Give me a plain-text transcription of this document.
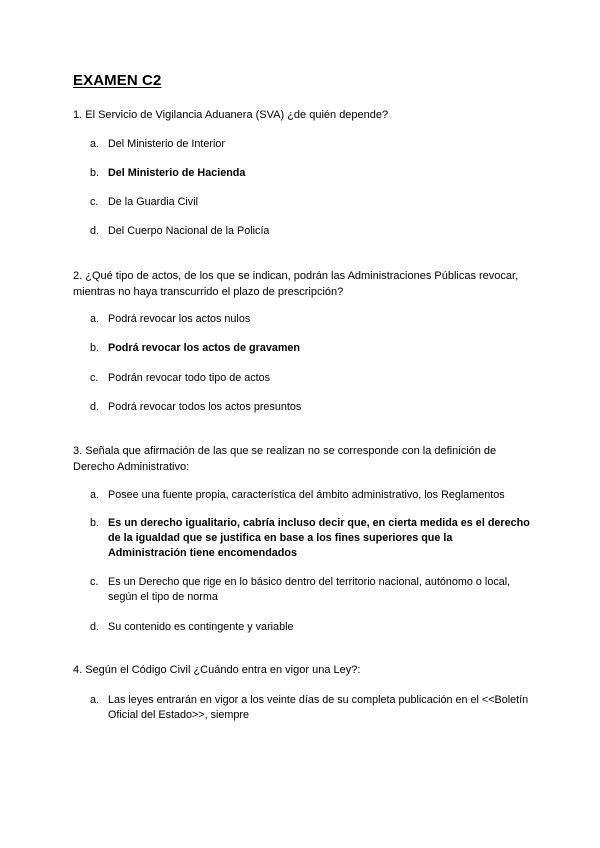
EXAMEN C2
1. El Servicio de Vigilancia Aduanera (SVA) ¿de quién depende?
a. Del Ministerio de Interior
b. Del Ministerio de Hacienda
c. De la Guardia Civil
d. Del Cuerpo Nacional de la Policía
2. ¿Qué tipo de actos, de los que se indican, podrán las Administraciones Públicas revocar, mientras no haya transcurrido el plazo de prescripción?
a. Podrá revocar los actos nulos
b. Podrá revocar los actos de gravamen
c. Podrán revocar todo tipo de actos
d. Podrá revocar todos los actos presuntos
3. Señala que afirmación de las que se realizan no se corresponde con la definición de Derecho Administrativo:
a. Posee una fuente propia, característica del ámbito administrativo, los Reglamentos
b. Es un derecho igualitario, cabría incluso decir que, en cierta medida es el derecho de la igualdad que se justifica en base a los fines superiores que la Administración tiene encomendados
c. Es un Derecho que rige en lo básico dentro del territorio nacional, autónomo o local, según el tipo de norma
d. Su contenido es contingente y variable
4. Según el Código Civil ¿Cuándo entra en vigor una Ley?:
a. Las leyes entrarán en vigor a los veinte días de su completa publicación en el <<Boletín Oficial del Estado>>, siempre
